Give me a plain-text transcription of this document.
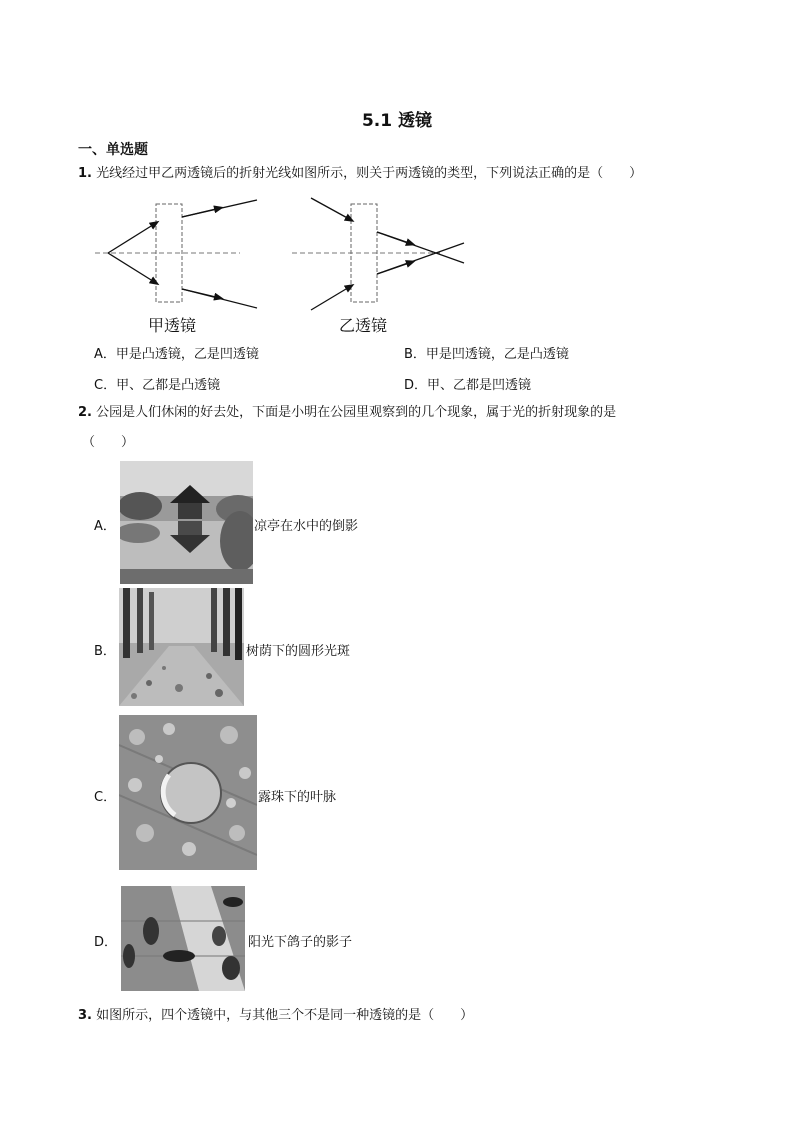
5.1 透镜
一、单选题
1. 光线经过甲乙两透镜后的折射光线如图所示，则关于两透镜的类型，下列说法正确的是（　　）
甲透镜	乙透镜
A．甲是凸透镜，乙是凹透镜	B．甲是凹透镜，乙是凸透镜
C．甲、乙都是凸透镜	D．甲、乙都是凹透镜
2. 公园是人们休闲的好去处，下面是小明在公园里观察到的几个现象，属于光的折射现象的是
（　　）
A．	凉亭在水中的倒影
B．	树荫下的圆形光斑
C．	露珠下的叶脉
D．	阳光下鸽子的影子
3. 如图所示，四个透镜中，与其他三个不是同一种透镜的是（　　）
